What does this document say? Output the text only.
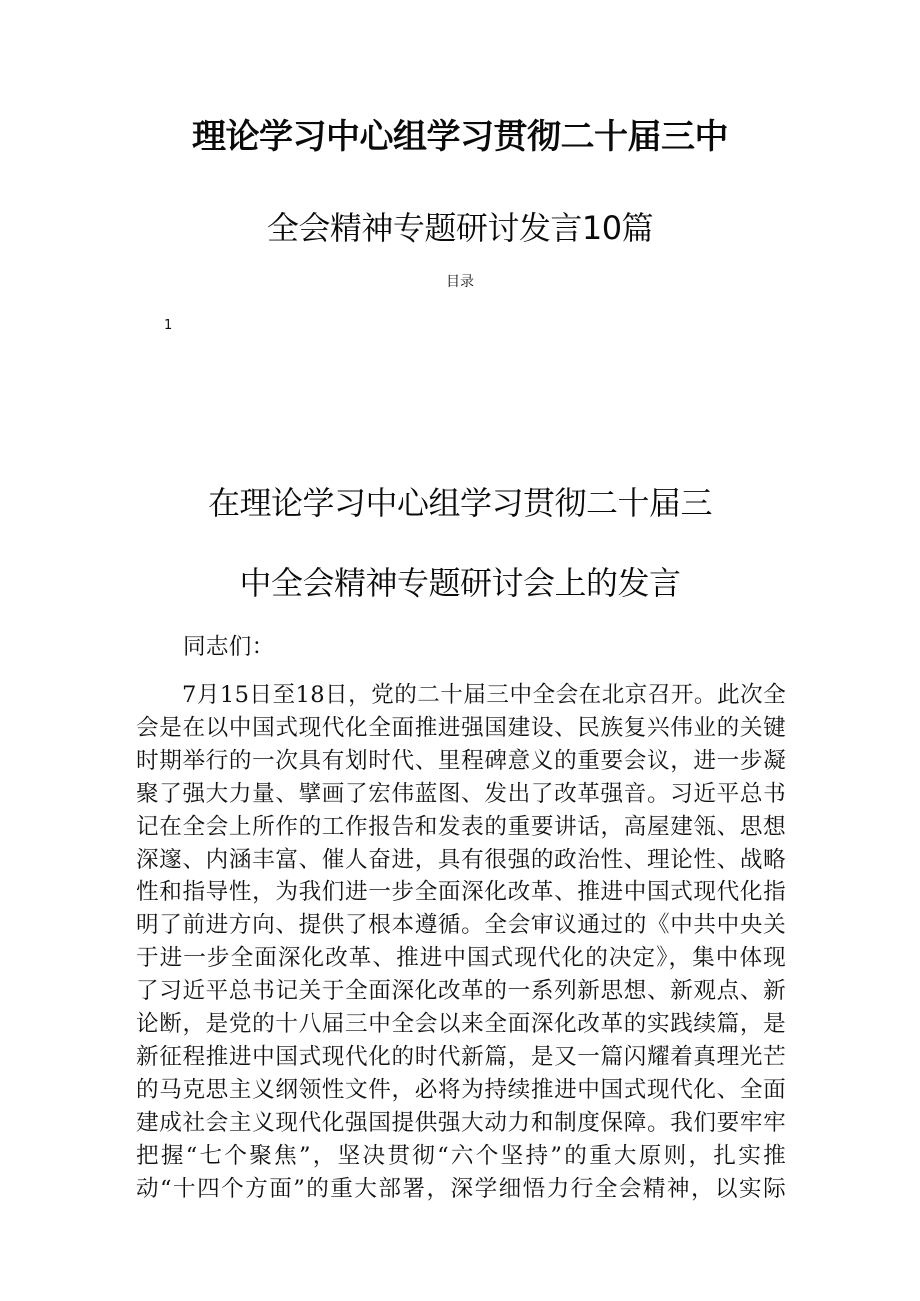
理论学习中心组学习贯彻二十届三中
全会精神专题研讨发言10篇
目录
1
在理论学习中心组学习贯彻二十届三
中全会精神专题研讨会上的发言
同志们：
7月15日至18日，党的二十届三中全会在北京召开。此次全
会是在以中国式现代化全面推进强国建设、民族复兴伟业的关键
时期举行的一次具有划时代、里程碑意义的重要会议，进一步凝
聚了强大力量、擘画了宏伟蓝图、发出了改革强音。习近平总书
记在全会上所作的工作报告和发表的重要讲话，高屋建瓴、思想
深邃、内涵丰富、催人奋进，具有很强的政治性、理论性、战略
性和指导性，为我们进一步全面深化改革、推进中国式现代化指
明了前进方向、提供了根本遵循。全会审议通过的《中共中央关
于进一步全面深化改革、推进中国式现代化的决定》，集中体现
了习近平总书记关于全面深化改革的一系列新思想、新观点、新
论断，是党的十八届三中全会以来全面深化改革的实践续篇，是
新征程推进中国式现代化的时代新篇，是又一篇闪耀着真理光芒
的马克思主义纲领性文件，必将为持续推进中国式现代化、全面
建成社会主义现代化强国提供强大动力和制度保障。我们要牢牢
把握“七个聚焦”，坚决贯彻“六个坚持”的重大原则，扎实推
动“十四个方面”的重大部署，深学细悟力行全会精神，以实际
